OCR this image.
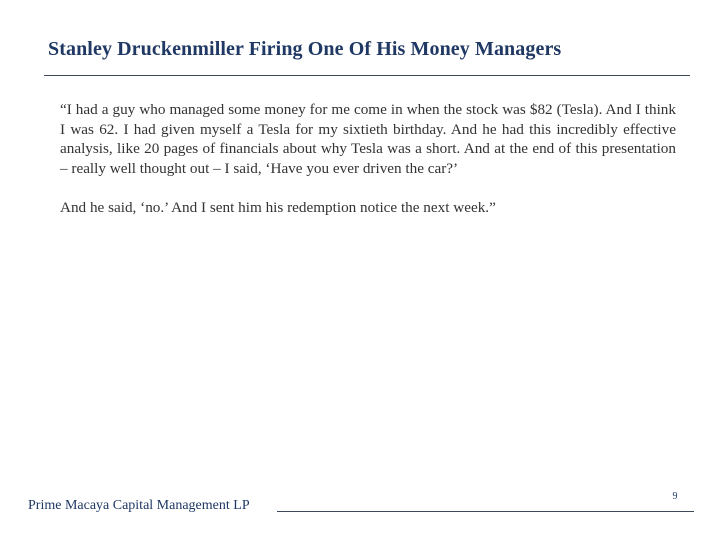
Stanley Druckenmiller Firing One Of His Money Managers

“I had a guy who managed some money for me come in when the stock was $82 (Tesla). And I think I was 62. I had given myself a Tesla for my sixtieth birthday. And he had this incredibly effective analysis, like 20 pages of financials about why Tesla was a short. And at the end of this presentation – really well thought out – I said, ‘Have you ever driven the car?’

And he said, ‘no.’ And I sent him his redemption notice the next week.”

9
Prime Macaya Capital Management LP
